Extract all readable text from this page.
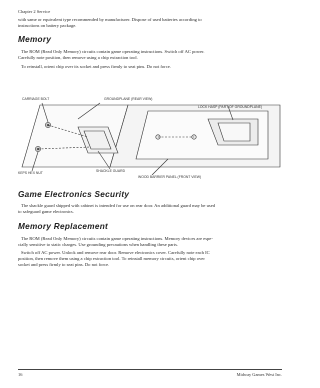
Chapter 2 Service
with same or equivalent type recommended by manufacturer. Dispose of used batteries according to
instructions on battery package.
Memory
The ROM (Read Only Memory) circuits contain game operating instructions. Switch off AC power.
Carefully note position, then remove using a chip extraction tool.
To reinstall, orient chip over its socket and press firmly to seat pins. Do not force.
CARRIAGE BOLT	GROUNDPLANE (REAR VIEW)
LOCK HASP (PART OF GROUNDPLANE)
KEPS HEX NUT	SHACKLE GUARD
WOOD BARRIER PANEL (FRONT VIEW)
Game Electronics Security
The shackle guard shipped with cabinet is intended for use on rear door. An additional guard may be used
to safeguard game electronics.
Memory Replacement
The ROM (Read Only Memory) circuits contain game operating instructions. Memory devices are espe-
cially sensitive to static charges. Use grounding precautions when handling these parts.
Switch off AC power. Unlock and remove rear door. Remove electronics cover. Carefully note each IC
position, then remove them using a chip extraction tool. To reinstall memory circuits, orient chip over
socket and press firmly to seat pins. Do not force.
16	Midway Games West Inc.
